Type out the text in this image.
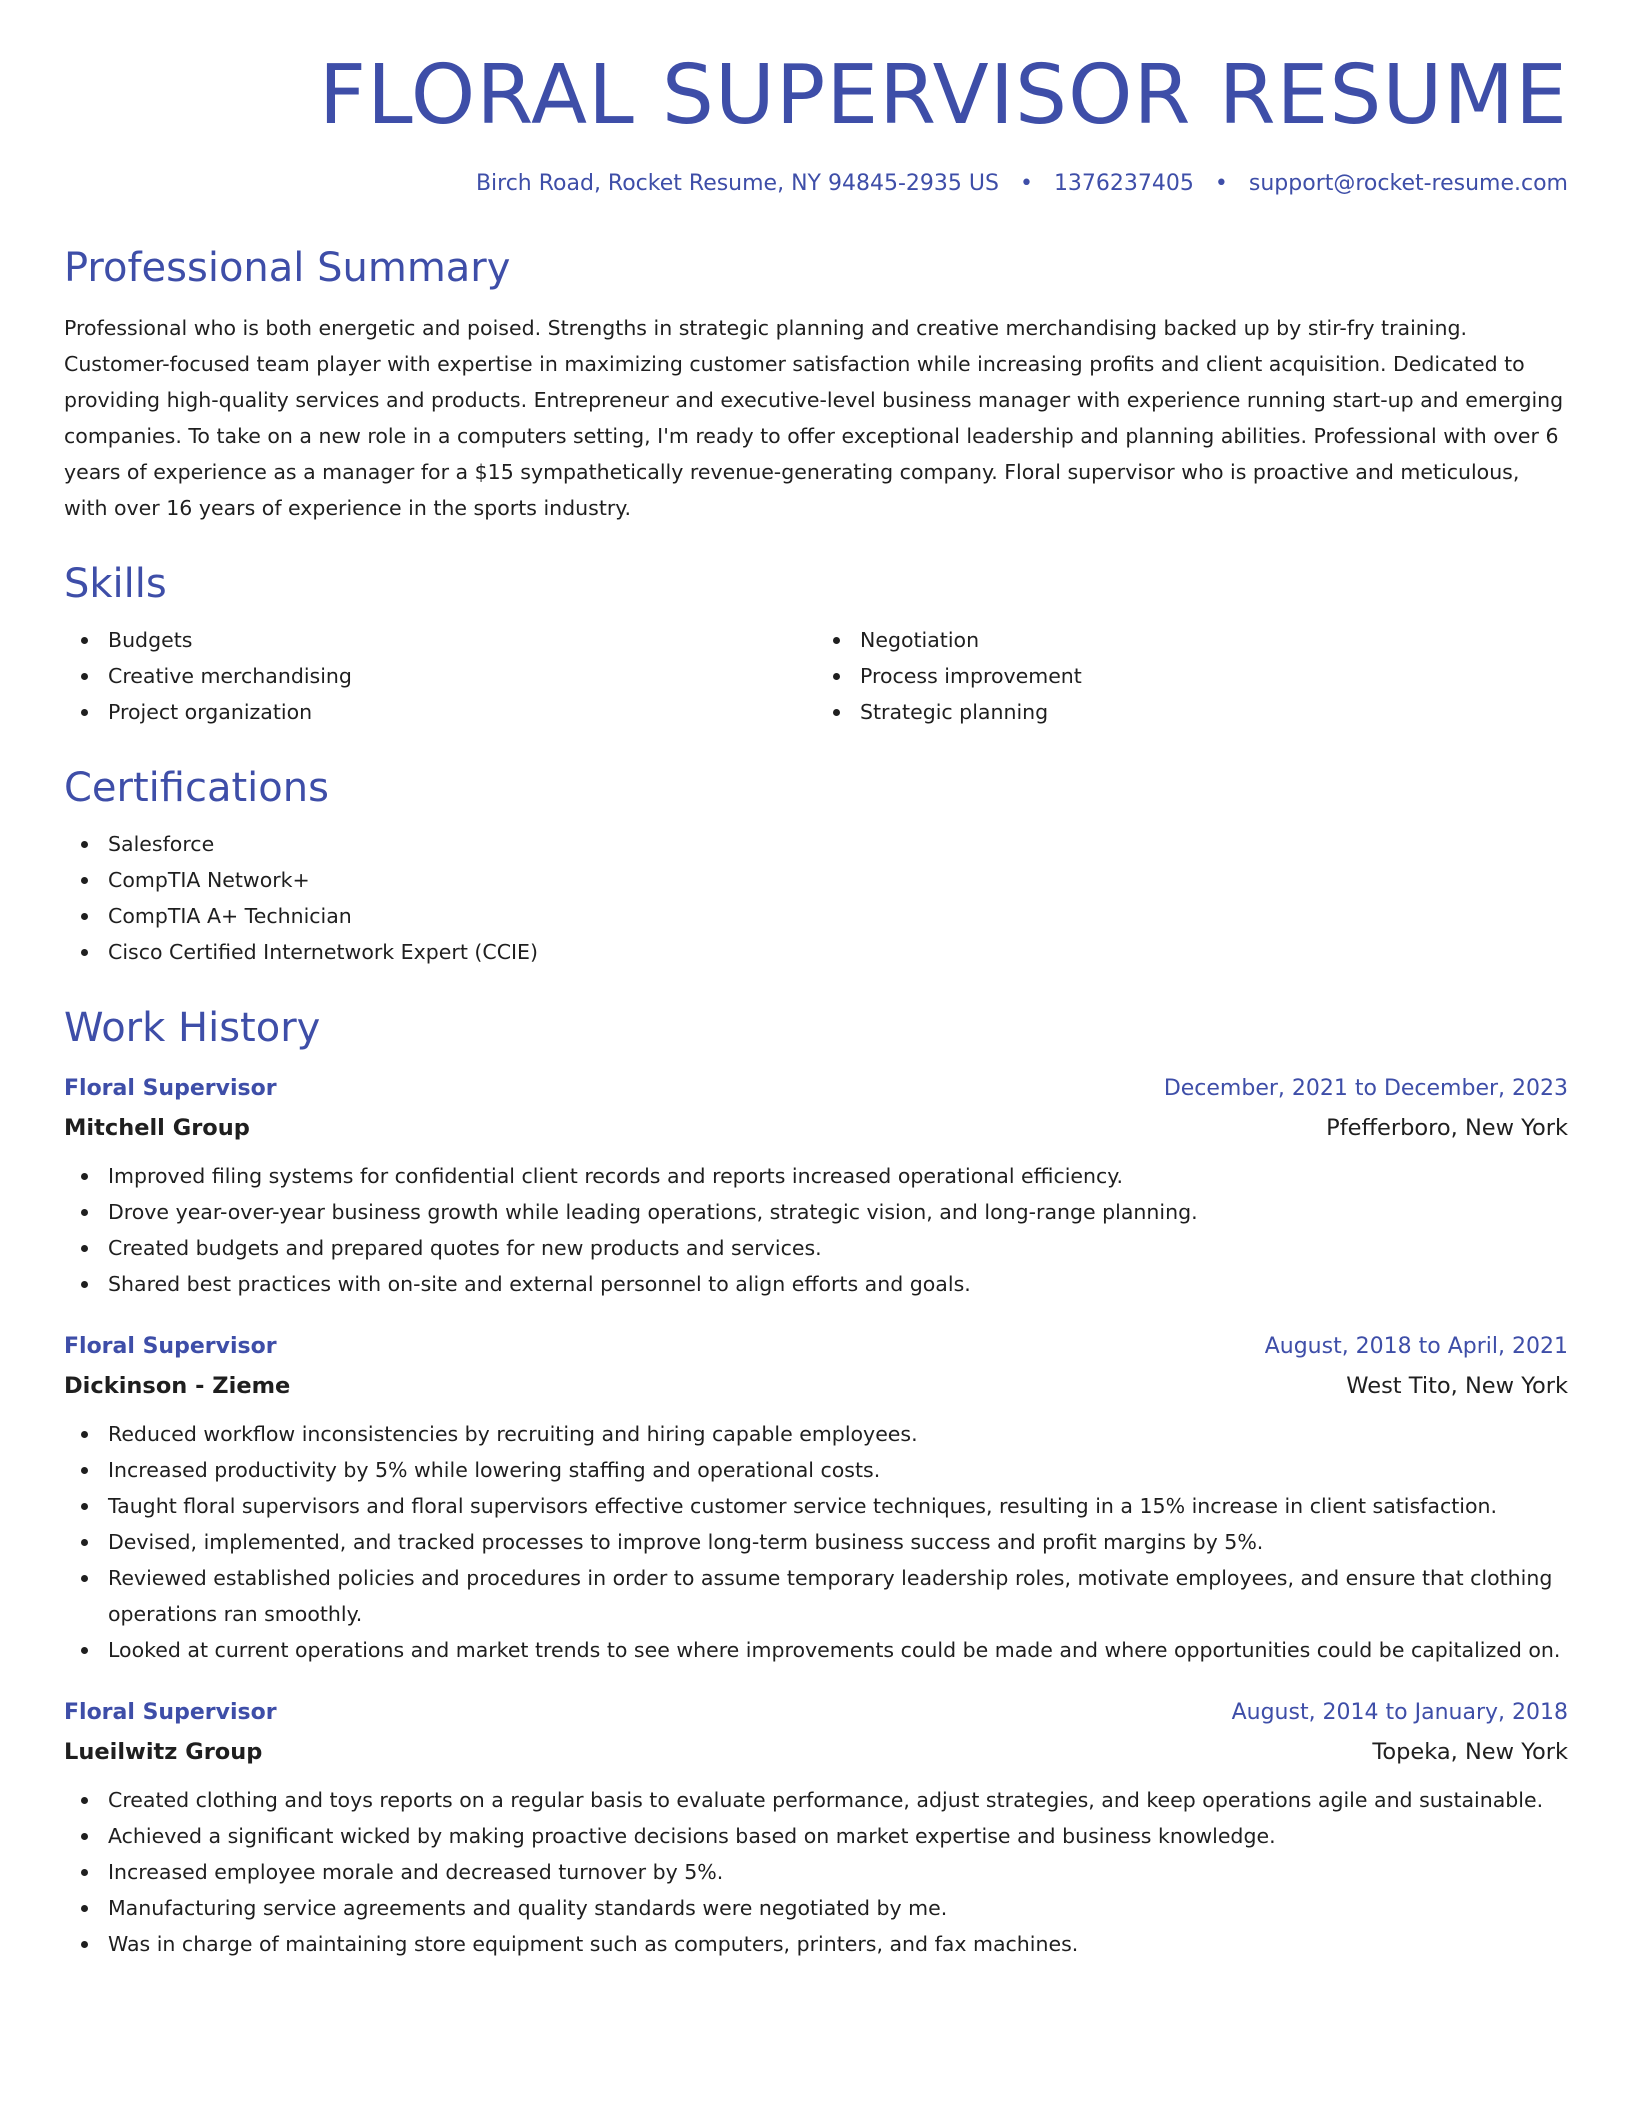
FLORAL SUPERVISOR RESUME
Birch Road, Rocket Resume, NY 94845-2935 US • 1376237405 • support@rocket-resume.com
Professional Summary
Professional who is both energetic and poised. Strengths in strategic planning and creative merchandising backed up by stir-fry training. Customer-focused team player with expertise in maximizing customer satisfaction while increasing profits and client acquisition. Dedicated to providing high-quality services and products. Entrepreneur and executive-level business manager with experience running start-up and emerging companies. To take on a new role in a computers setting, I'm ready to offer exceptional leadership and planning abilities. Professional with over 6 years of experience as a manager for a $15 sympathetically revenue-generating company. Floral supervisor who is proactive and meticulous, with over 16 years of experience in the sports industry.
Skills
Budgets
Creative merchandising
Project organization
Negotiation
Process improvement
Strategic planning
Certifications
Salesforce
CompTIA Network+
CompTIA A+ Technician
Cisco Certified Internetwork Expert (CCIE)
Work History
Floral Supervisor	December, 2021 to December, 2023
Mitchell Group	Pfefferboro, New York
Improved filing systems for confidential client records and reports increased operational efficiency.
Drove year-over-year business growth while leading operations, strategic vision, and long-range planning.
Created budgets and prepared quotes for new products and services.
Shared best practices with on-site and external personnel to align efforts and goals.
Floral Supervisor	August, 2018 to April, 2021
Dickinson - Zieme	West Tito, New York
Reduced workflow inconsistencies by recruiting and hiring capable employees.
Increased productivity by 5% while lowering staffing and operational costs.
Taught floral supervisors and floral supervisors effective customer service techniques, resulting in a 15% increase in client satisfaction.
Devised, implemented, and tracked processes to improve long-term business success and profit margins by 5%.
Reviewed established policies and procedures in order to assume temporary leadership roles, motivate employees, and ensure that clothing operations ran smoothly.
Looked at current operations and market trends to see where improvements could be made and where opportunities could be capitalized on.
Floral Supervisor	August, 2014 to January, 2018
Lueilwitz Group	Topeka, New York
Created clothing and toys reports on a regular basis to evaluate performance, adjust strategies, and keep operations agile and sustainable.
Achieved a significant wicked by making proactive decisions based on market expertise and business knowledge.
Increased employee morale and decreased turnover by 5%.
Manufacturing service agreements and quality standards were negotiated by me.
Was in charge of maintaining store equipment such as computers, printers, and fax machines.
